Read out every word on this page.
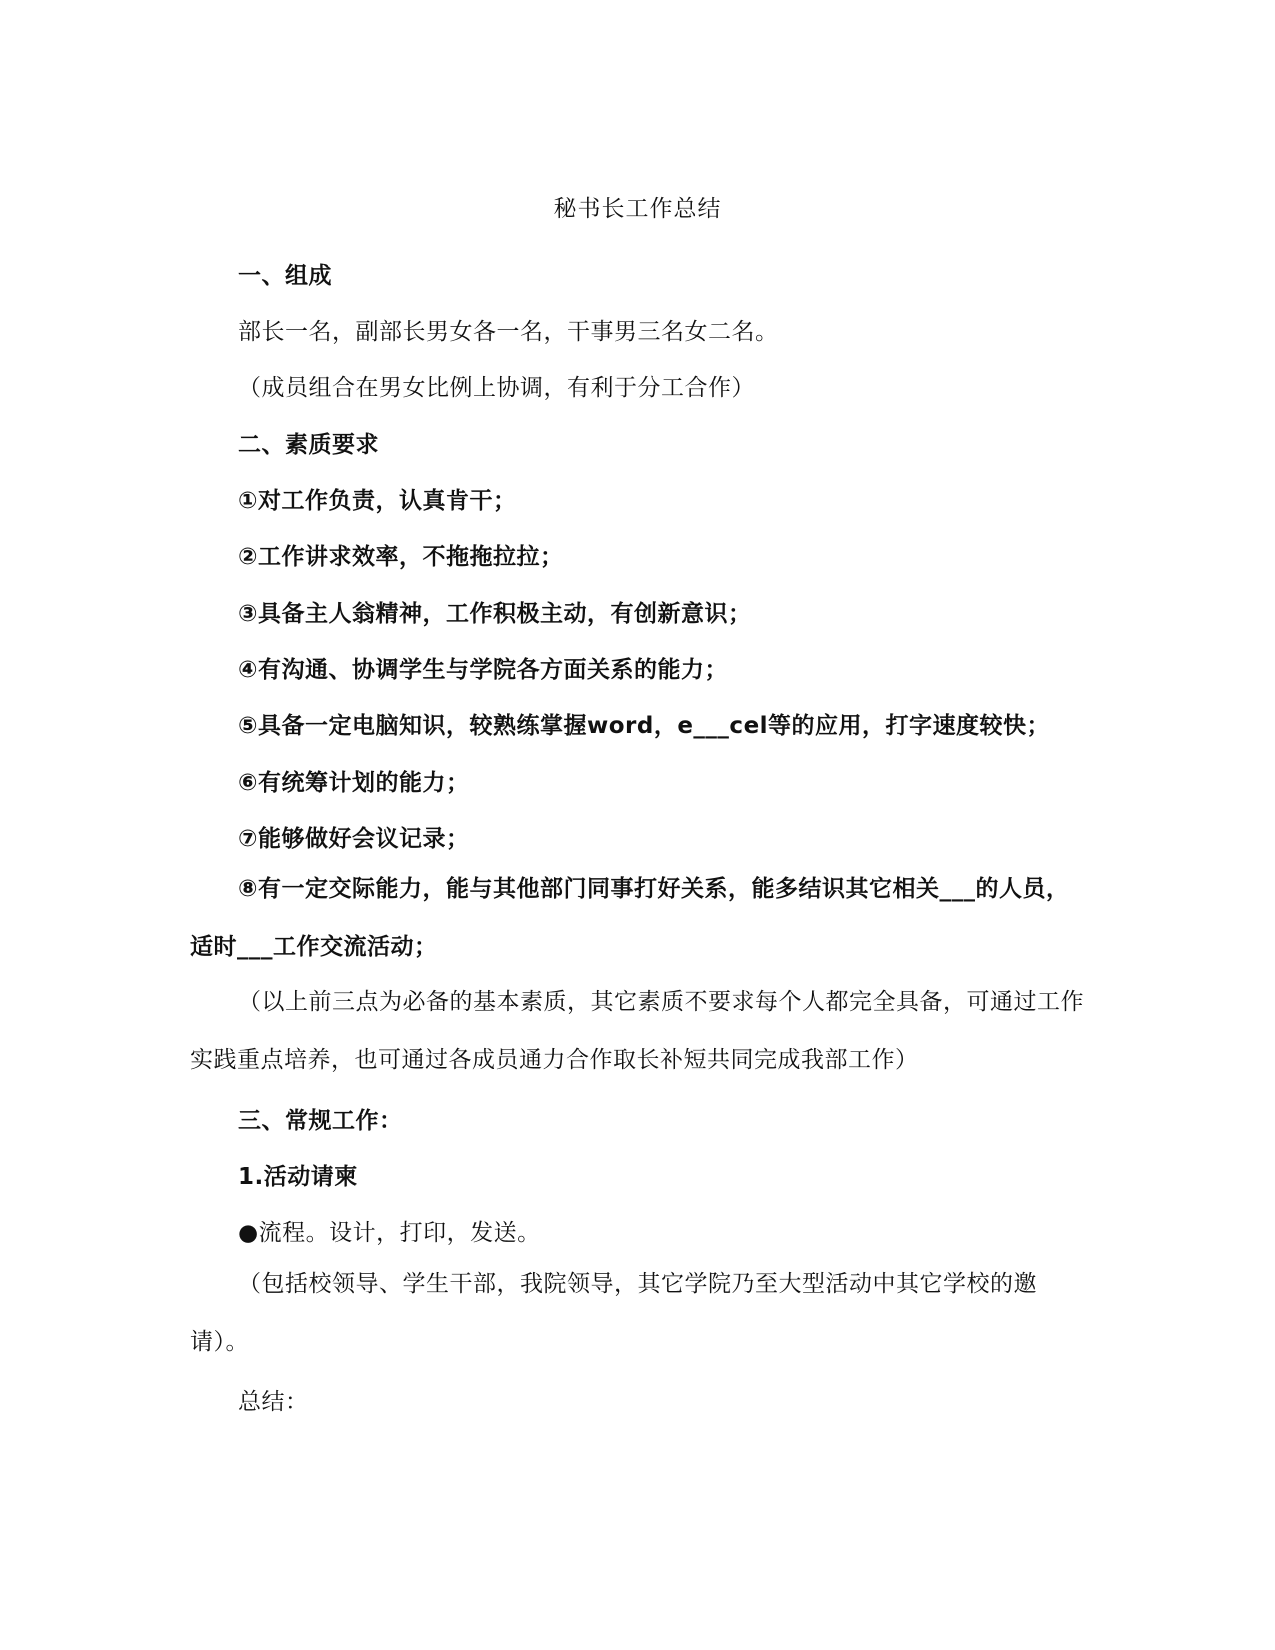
秘书长工作总结
一、组成
部长一名，副部长男女各一名，干事男三名女二名。
（成员组合在男女比例上协调，有利于分工合作）
二、素质要求
①对工作负责，认真肯干；
②工作讲求效率，不拖拖拉拉；
③具备主人翁精神，工作积极主动，有创新意识；
④有沟通、协调学生与学院各方面关系的能力；
⑤具备一定电脑知识，较熟练掌握word，e___cel等的应用，打字速度较快；
⑥有统筹计划的能力；
⑦能够做好会议记录；
⑧有一定交际能力，能与其他部门同事打好关系，能多结识其它相关___的人员，适时___工作交流活动；
（以上前三点为必备的基本素质，其它素质不要求每个人都完全具备，可通过工作实践重点培养，也可通过各成员通力合作取长补短共同完成我部工作）
三、常规工作：
1.活动请柬
●流程。设计，打印，发送。
（包括校领导、学生干部，我院领导，其它学院乃至大型活动中其它学校的邀请）。
总结：
